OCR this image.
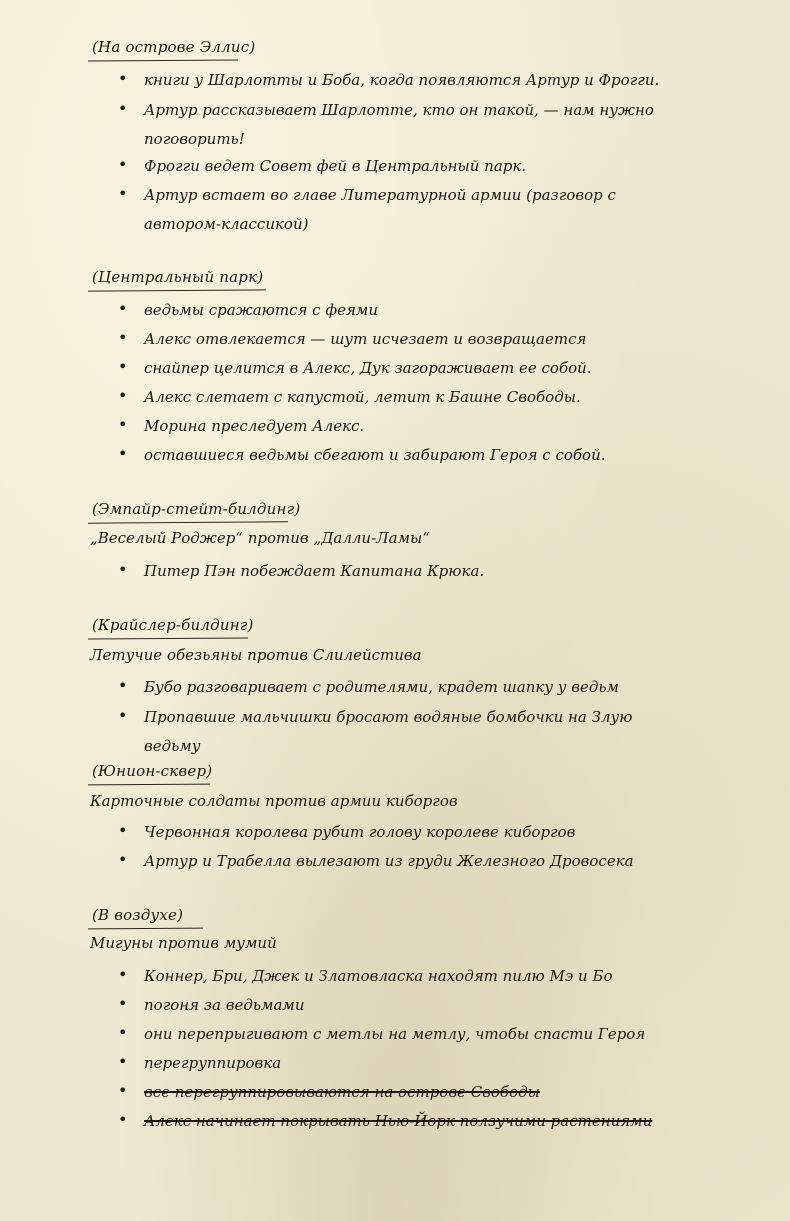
(На острове Эллис)
• книги у Шарлотты и Боба, когда появляются Артур и Фрогги.
• Артур рассказывает Шарлотте, кто он такой, — нам нужно поговорить!
• Фрогги ведет Совет фей в Центральный парк.
• Артур встает во главе Литературной армии (разговор с автором-классикой)
(Центральный парк)
• ведьмы сражаются с феями
• Алекс отвлекается — шут исчезает и возвращается
• снайпер целится в Алекс, Дук загораживает ее собой.
• Алекс слетает с капустой, летит к Башне Свободы.
• Морина преследует Алекс.
• оставшиеся ведьмы сбегают и забирают Героя с собой.
(Эмпайр-стейт-билдинг)
„Веселый Роджер“ против „Далли-Ламы“
• Питер Пэн побеждает Капитана Крюка.
(Крайслер-билдинг)
Летучие обезьяны против Слилейстива
• Бубо разговаривает с родителями, крадет шапку у ведьм
• Пропавшие мальчишки бросают водяные бомбочки на Злую ведьму
(Юнион-сквер)
Карточные солдаты против армии киборгов
• Червонная королева рубит голову королеве киборгов
• Артур и Трабелла вылезают из груди Железного Дровосека
(В воздухе)
Мигуны против мумий
• Коннер, Бри, Джек и Златовласка находят пилю Мэ и Бо
• погоня за ведьмами
• они перепрыгивают с метлы на метлу, чтобы спасти Героя
• перегруппировка
• все перегруппировываются на острове Свободы
• Алекс начинает покрывать Нью-Йорк ползучими растениями
